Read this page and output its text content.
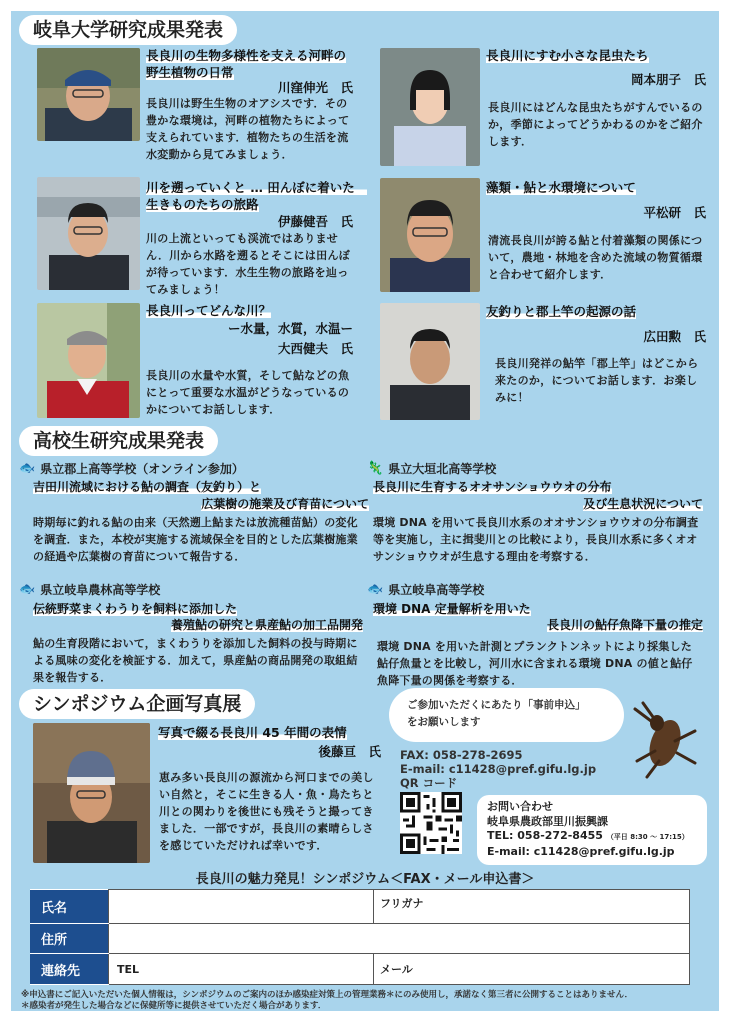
岐阜大学研究成果発表
長良川の生物多様性を支える河畔の野生植物の日常
川窪伸光　氏
長良川は野生生物のオアシスです．その豊かな環境は，河畔の植物たちによって支えられています．植物たちの生活を流水変動から見てみましょう．
長良川にすむ小さな昆虫たち
岡本朋子　氏
長良川にはどんな昆虫たちがすんでいるのか，季節によってどうかわるのかをご紹介します．
川を遡っていくと … 田んぼに着いた　生きものたちの旅路
伊藤健吾　氏
川の上流といっても渓流ではありません．川から水路を遡るとそこには田んぼが待っています．水生生物の旅路を辿ってみましょう！
藻類・鮎と水環境について
平松研　氏
清流長良川が誇る鮎と付着藻類の関係について，農地・林地を含めた流域の物質循環と合わせて紹介します．
長良川ってどんな川？
ー水量，水質，水温ー
大西健夫　氏
長良川の水量や水質，そして鮎などの魚にとって重要な水温がどうなっているのかについてお話しします．
友釣りと郡上竿の起源の話
広田勲　氏
長良川発祥の鮎竿「郡上竿」はどこから来たのか，についてお話します．お楽しみに！
高校生研究成果発表
🐟 県立郡上高等学校（オンライン参加）
吉田川流域における鮎の調査（友釣り）と
広葉樹の施業及び育苗について
時期毎に釣れる鮎の由来（天然遡上鮎または放流種苗鮎）の変化を調査．また，本校が実施する流域保全を目的とした広葉樹施業の経過や広葉樹の育苗について報告する．
🦎 県立大垣北高等学校
長良川に生育するオオサンショウウオの分布
及び生息状況について
環境 DNA を用いて長良川水系のオオサンショウウオの分布調査等を実施し，主に揖斐川との比較により，長良川水系に多くオオサンショウウオが生息する理由を考察する．
🐟 県立岐阜農林高等学校
伝統野菜まくわうりを飼料に添加した
養殖鮎の研究と県産鮎の加工品開発
鮎の生育段階において，まくわうりを添加した飼料の投与時期による風味の変化を検証する．加えて，県産鮎の商品開発の取組結果を報告する．
🐟 県立岐阜高等学校
環境 DNA 定量解析を用いた
長良川の鮎仔魚降下量の推定
環境 DNA を用いた計測とプランクトンネットにより採集した鮎仔魚量とを比較し，河川水に含まれる環境 DNA の値と鮎仔魚降下量の関係を考察する．
シンポジウム企画写真展
写真で綴る長良川 45 年間の表情
後藤亘　氏
恵み多い長良川の源流から河口までの美しい自然と，そこに生きる人・魚・鳥たちと川との関わりを後世にも残そうと撮ってきました．一部ですが，長良川の素晴らしさを感じていただければ幸いです．
ご参加いただくにあたり「事前申込」
をお願いします
FAX: 058-278-2695
E-mail: c11428@pref.gifu.lg.jp
QR コード
お問い合わせ
岐阜県農政部里川振興課
TEL: 058-272-8455 （平日 8:30 ～ 17:15）
E-mail: c11428@pref.gifu.lg.jp
長良川の魅力発見！シンポジウム＜FAX・メール申込書＞
氏名		フリガナ
住所		
連絡先	TEL	メール
※申込書にご記入いただいた個人情報は，シンポジウムのご案内のほか感染症対策上の管理業務＊にのみ使用し，承諾なく第三者に公開することはありません．
＊感染者が発生した場合などに保健所等に提供させていただく場合があります．
